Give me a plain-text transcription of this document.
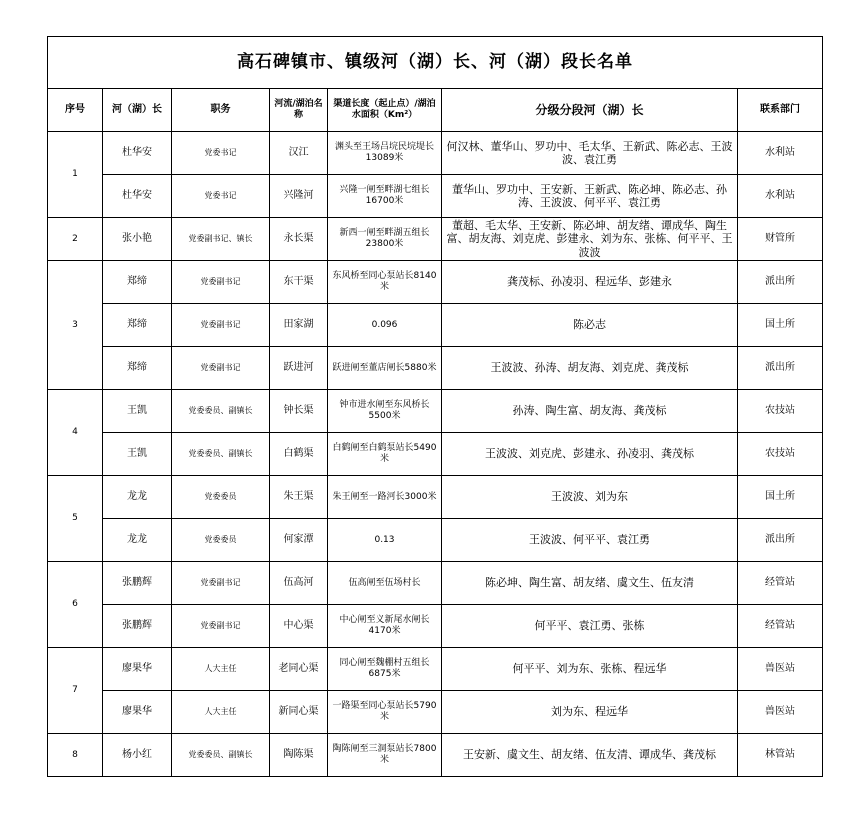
高石碑镇市、镇级河（湖）长、河（湖）段长名单						
序号	河（湖）长	职务	河流/湖泊名称	渠道长度（起止点）/湖泊水面积（Km²）	分级分段河（湖）长	联系部门
1	杜华安	党委书记	汉江	渊头至王场吕垸民垸堤长13089米	何汉林、董华山、罗功中、毛太华、王新武、陈必志、王波波、袁江勇	水利站
	杜华安	党委书记	兴隆河	兴隆一闸至畔湖七组长16700米	董华山、罗功中、王安新、王新武、陈必坤、陈必志、孙涛、王波波、何平平、袁江勇	水利站
2	张小艳	党委副书记、镇长	永长渠	新西一闸至畔湖五组长23800米	董超、毛太华、王安新、陈必坤、胡友绪、谭成华、陶生富、胡友海、刘克虎、彭建永、刘为东、张栋、何平平、王波波	财管所
3	郑缔	党委副书记	东干渠	东风桥至同心泵站长8140米	龚茂标、孙凌羽、程远华、彭建永	派出所
	郑缔	党委副书记	田家湖	0.096	陈必志	国土所
	郑缔	党委副书记	跃进河	跃进闸至董店闸长5880米	王波波、孙涛、胡友海、刘克虎、龚茂标	派出所
4	王凯	党委委员、副镇长	钟长渠	钟市进水闸至东风桥长5500米	孙涛、陶生富、胡友海、龚茂标	农技站
	王凯	党委委员、副镇长	白鹤渠	白鹤闸至白鹤泵站长5490米	王波波、刘克虎、彭建永、孙凌羽、龚茂标	农技站
5	龙龙	党委委员	朱王渠	朱王闸至一路河长3000米	王波波、刘为东	国土所
	龙龙	党委委员	何家潭	0.13	王波波、何平平、袁江勇	派出所
6	张鹏辉	党委副书记	伍高河	伍高闸至伍场村长	陈必坤、陶生富、胡友绪、虞文生、伍友清	经管站
	张鹏辉	党委副书记	中心渠	中心闸至义新尾水闸长4170米	何平平、袁江勇、张栋	经管站
7	廖果华	人大主任	老同心渠	同心闸至魏棚村五组长6875米	何平平、刘为东、张栋、程远华	兽医站
	廖果华	人大主任	新同心渠	一路渠至同心泵站长5790米	刘为东、程远华	兽医站
8	杨小红	党委委员、副镇长	陶陈渠	陶陈闸至三洞泵站长7800米	王安新、虞文生、胡友绪、伍友清、谭成华、龚茂标	林管站
